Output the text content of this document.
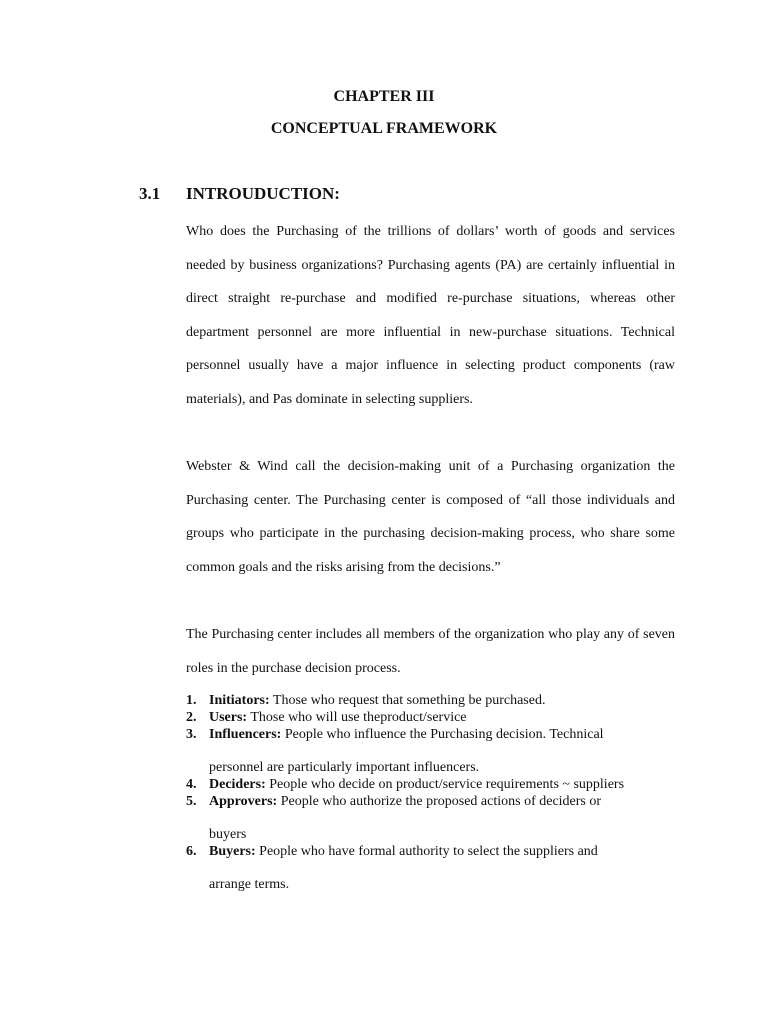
CHAPTER III
CONCEPTUAL FRAMEWORK
3.1 INTROUDUCTION:

Who does the Purchasing of the trillions of dollars’ worth of goods and services needed by business organizations? Purchasing agents (PA) are certainly influential in direct straight re-purchase and modified re-purchase situations, whereas other department personnel are more influential in new-purchase situations. Technical personnel usually have a major influence in selecting product components (raw materials), and Pas dominate in selecting suppliers.

Webster & Wind call the decision-making unit of a Purchasing organization the Purchasing center. The Purchasing center is composed of “all those individuals and groups who participate in the purchasing decision-making process, who share some common goals and the risks arising from the decisions.”

The Purchasing center includes all members of the organization who play any of seven roles in the purchase decision process.

1. Initiators: Those who request that something be purchased.
2. Users: Those who will use theproduct/service
3. Influencers: People who influence the Purchasing decision. Technical
personnel are particularly important influencers.
4. Deciders: People who decide on product/service requirements ~ suppliers
5. Approvers: People who authorize the proposed actions of deciders or
buyers
6. Buyers: People who have formal authority to select the suppliers and
arrange terms.
